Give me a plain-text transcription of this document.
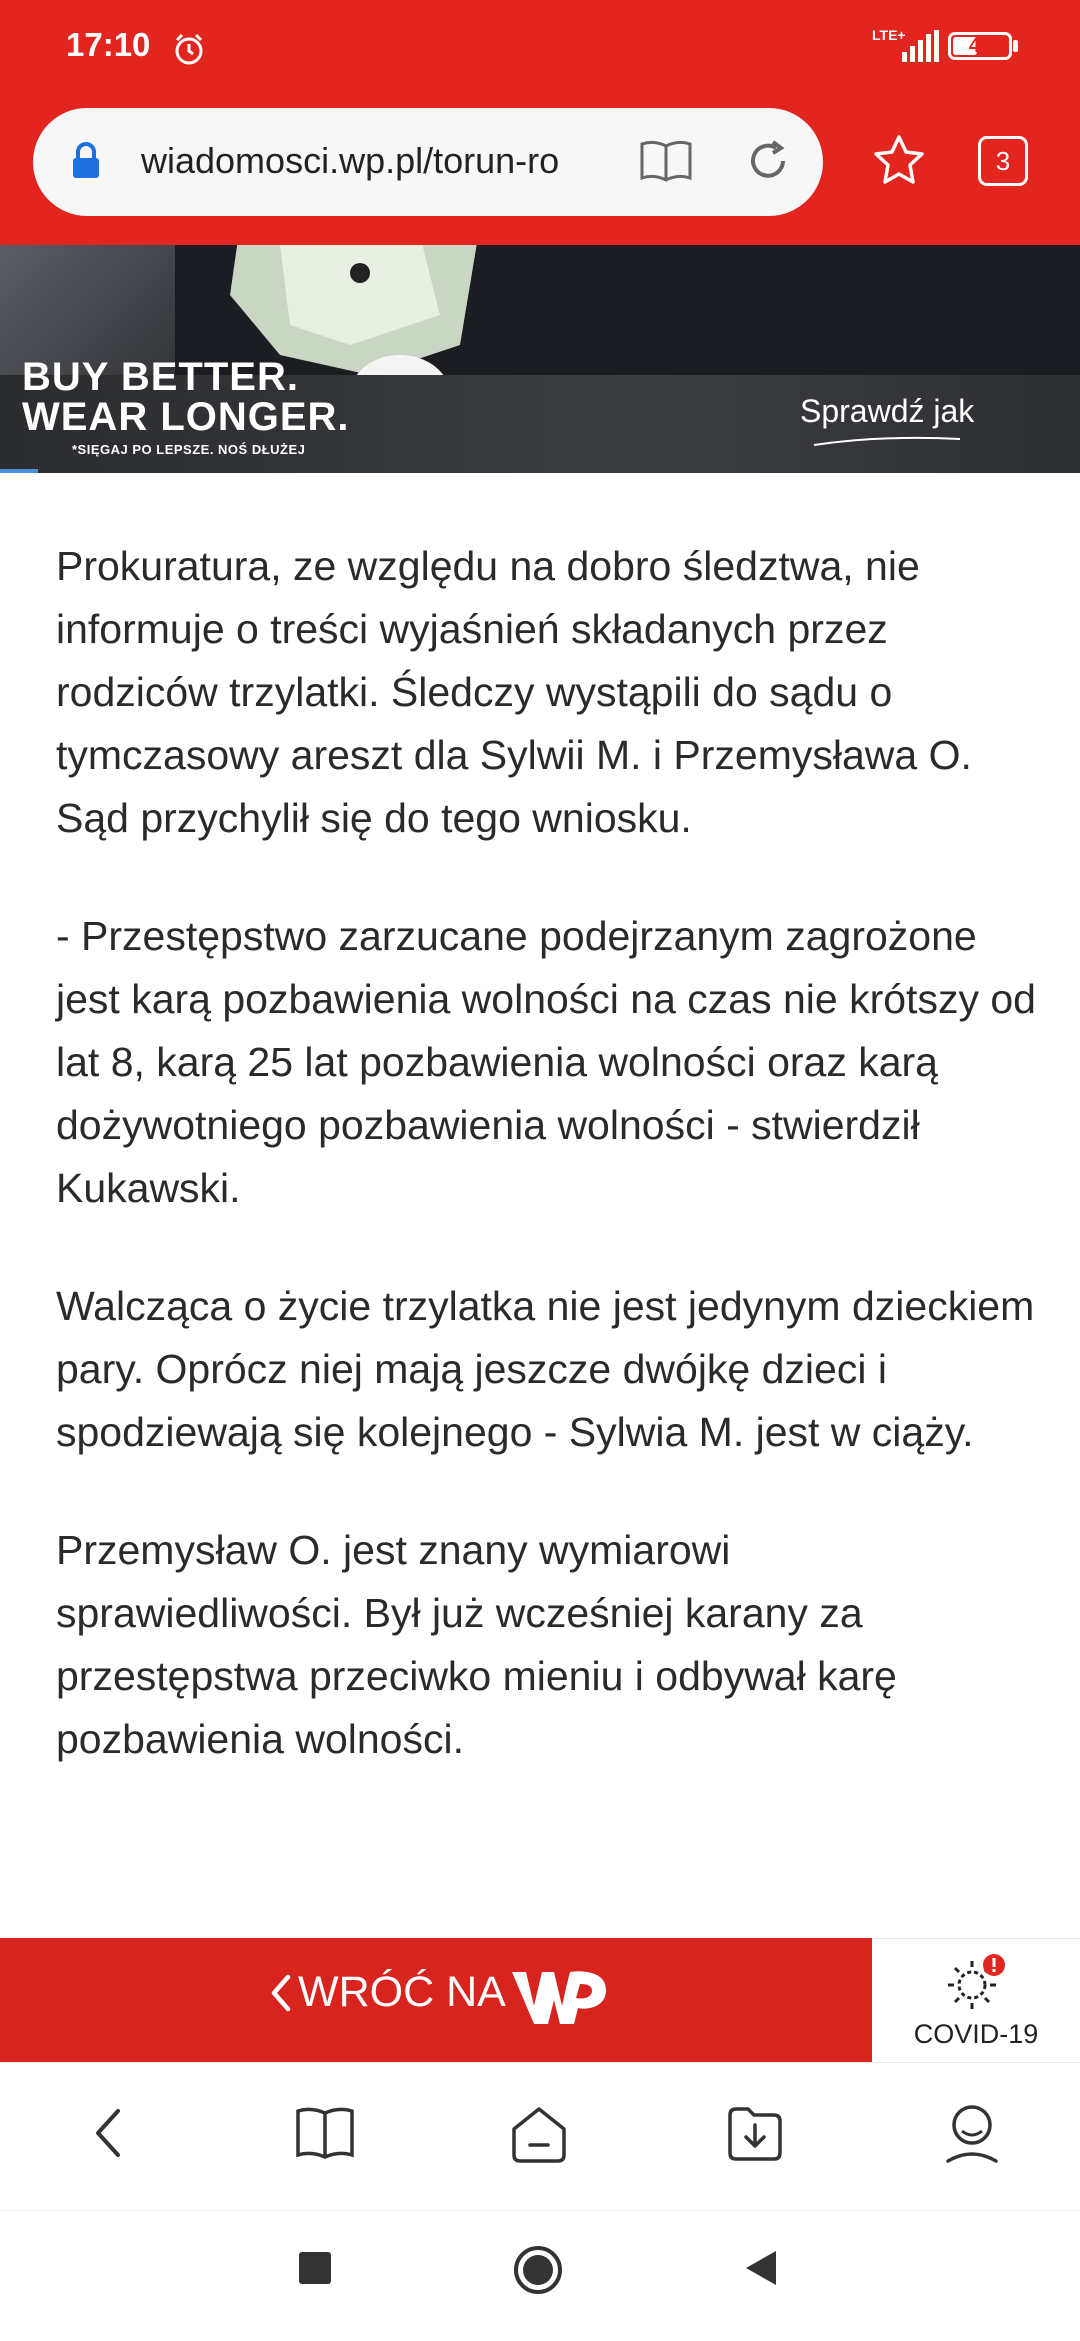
17:10	LTE+	41
wiadomosci.wp.pl/torun-ro	3
BUY BETTER.
WEAR LONGER.
*SIĘGAJ PO LEPSZE. NOŚ DŁUŻEJ
Sprawdź jak

Prokuratura, ze względu na dobro śledztwa, nie informuje o treści wyjaśnień składanych przez rodziców trzylatki. Śledczy wystąpili do sądu o tymczasowy areszt dla Sylwii M. i Przemysława O. Sąd przychylił się do tego wniosku.

- Przestępstwo zarzucane podejrzanym zagrożone jest karą pozbawienia wolności na czas nie krótszy od lat 8, karą 25 lat pozbawienia wolności oraz karą dożywotniego pozbawienia wolności - stwierdził Kukawski.

Walcząca o życie trzylatka nie jest jedynym dzieckiem pary. Oprócz niej mają jeszcze dwójkę dzieci i spodziewają się kolejnego - Sylwia M. jest w ciąży.

Przemysław O. jest znany wymiarowi sprawiedliwości. Był już wcześniej karany za przestępstwa przeciwko mieniu i odbywał karę pozbawienia wolności.

WRÓĆ NA
COVID-19
